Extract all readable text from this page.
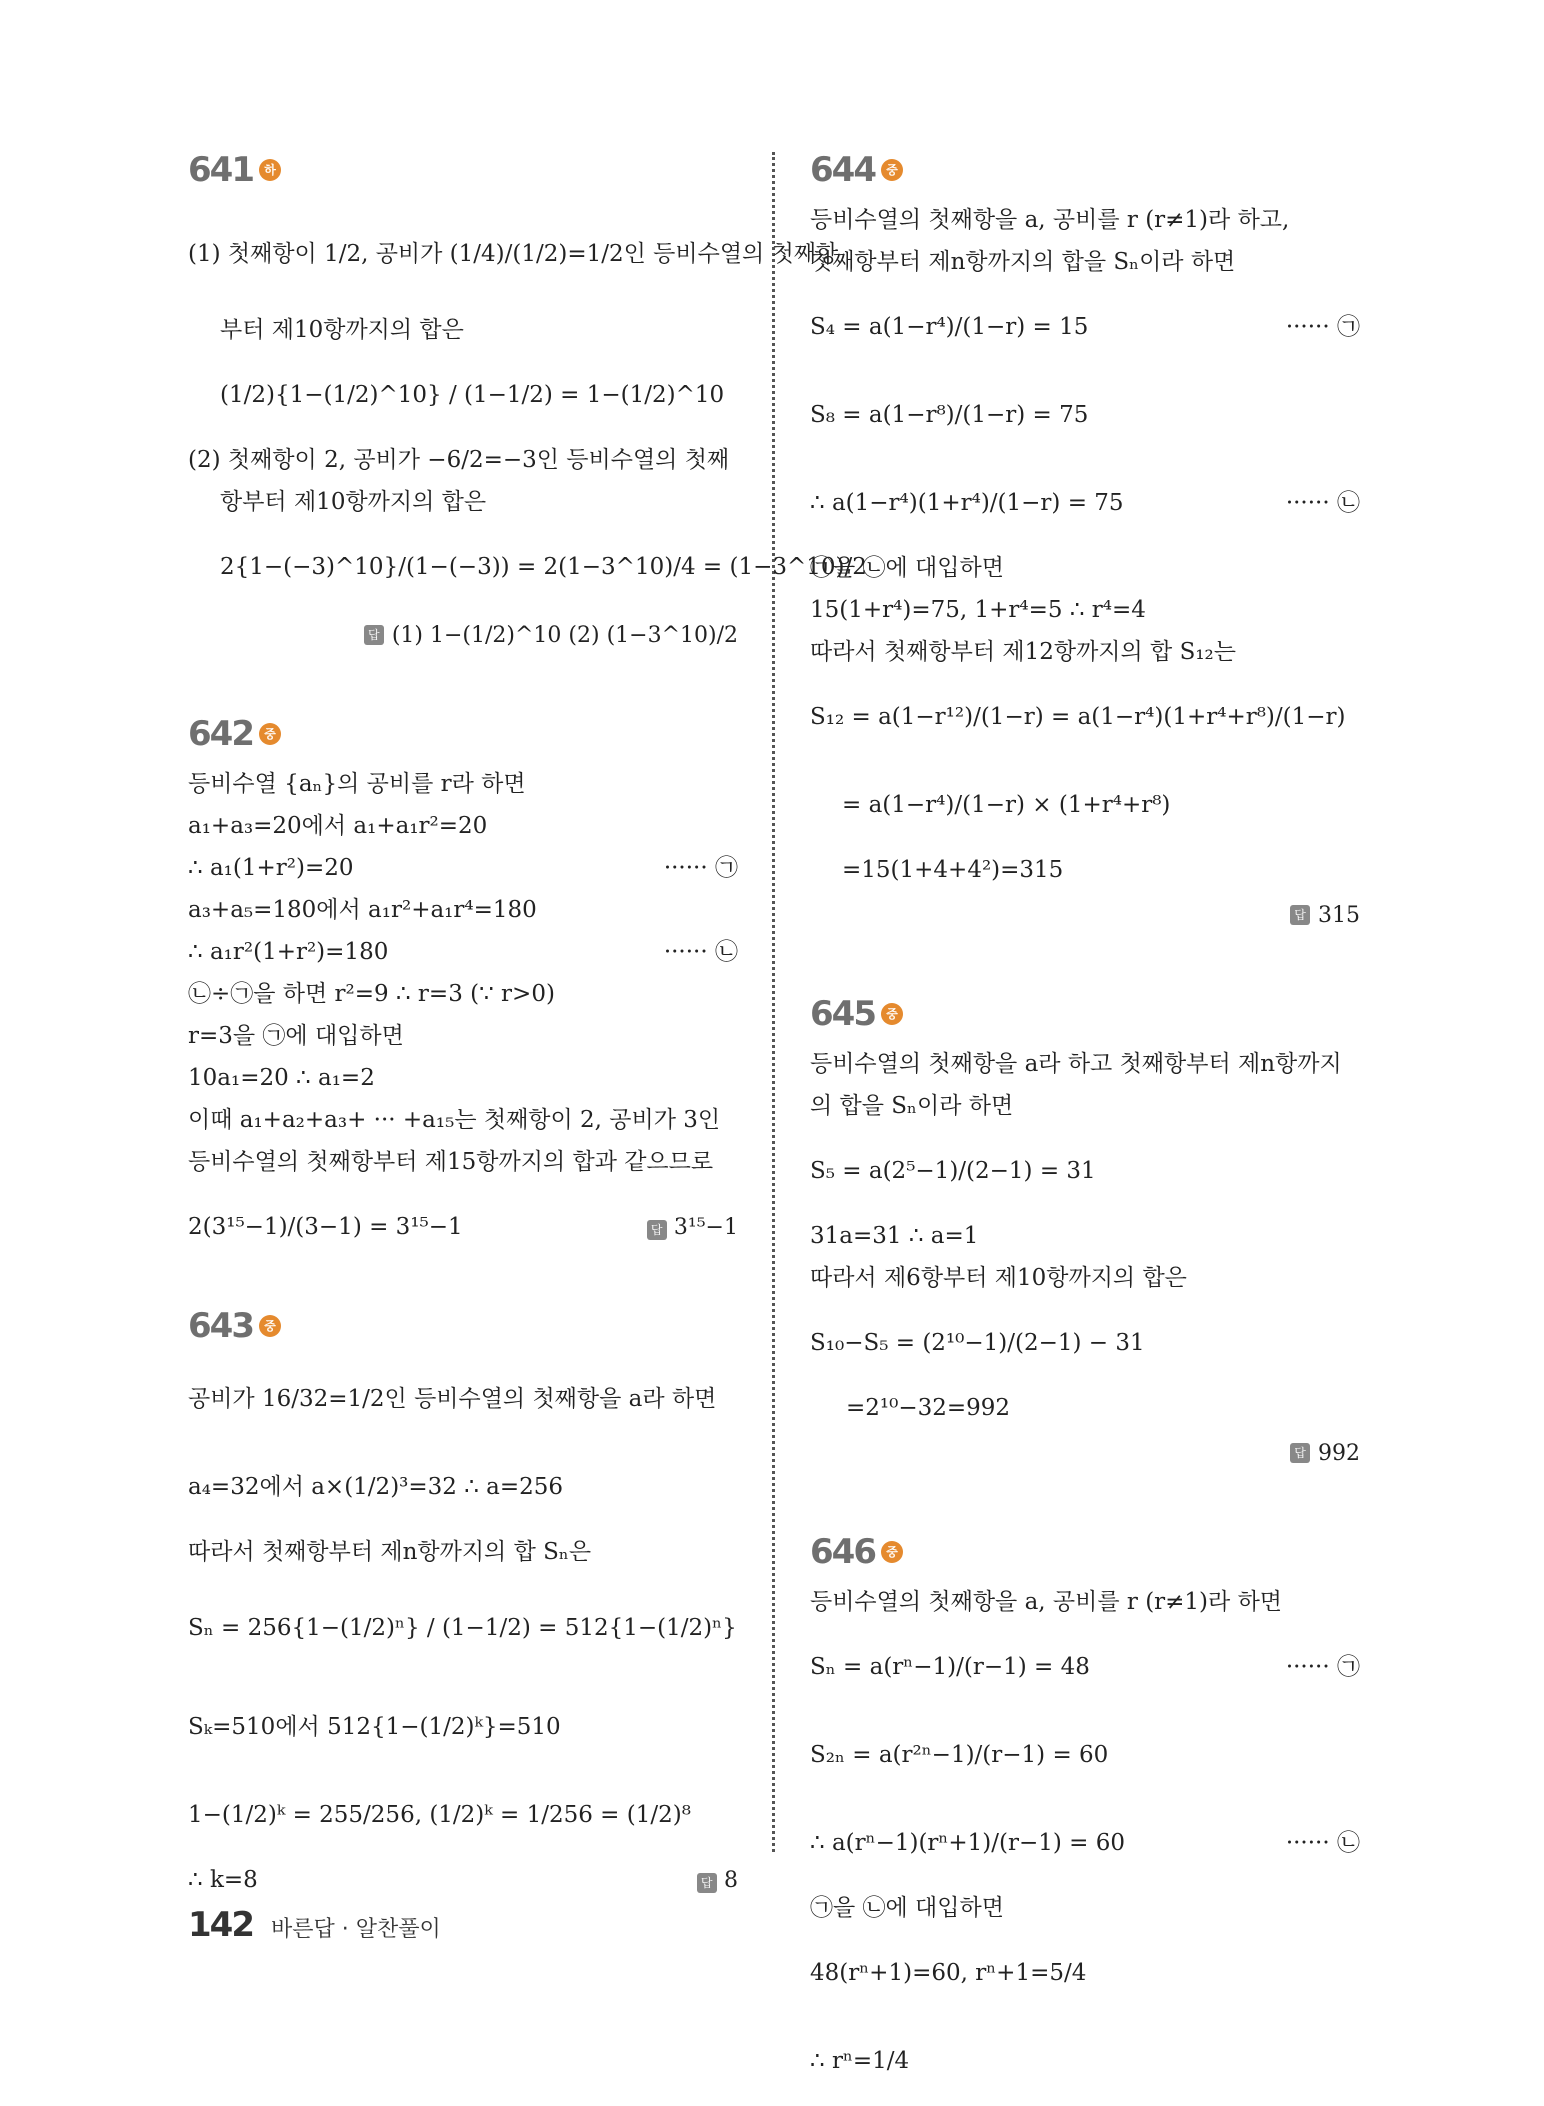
641 하
(1) 첫째항이 1/2, 공비가 (1/4)/(1/2)=1/2인 등비수열의 첫째항
부터 제10항까지의 합은
(1/2){1−(1/2)^10} / (1−1/2) = 1−(1/2)^10
(2) 첫째항이 2, 공비가 −6/2=−3인 등비수열의 첫째
항부터 제10항까지의 합은
2{1−(−3)^10}/(1−(−3)) = 2(1−3^10)/4 = (1−3^10)/2
답 (1) 1−(1/2)^10 (2) (1−3^10)/2
642 중
등비수열 {aₙ}의 공비를 r라 하면
a₁+a₃=20에서 a₁+a₁r²=20
∴ a₁(1+r²)=20	······ ㉠
a₃+a₅=180에서 a₁r²+a₁r⁴=180
∴ a₁r²(1+r²)=180	······ ㉡
㉡÷㉠을 하면 r²=9 ∴ r=3 (∵ r>0)
r=3을 ㉠에 대입하면
10a₁=20 ∴ a₁=2
이때 a₁+a₂+a₃+ ··· +a₁₅는 첫째항이 2, 공비가 3인
등비수열의 첫째항부터 제15항까지의 합과 같으므로
2(3¹⁵−1)/(3−1) = 3¹⁵−1	답 3¹⁵−1
643 중
공비가 16/32=1/2인 등비수열의 첫째항을 a라 하면
a₄=32에서 a×(1/2)³=32 ∴ a=256
따라서 첫째항부터 제n항까지의 합 Sₙ은
Sₙ = 256{1−(1/2)ⁿ} / (1−1/2) = 512{1−(1/2)ⁿ}
Sₖ=510에서 512{1−(1/2)ᵏ}=510
1−(1/2)ᵏ = 255/256, (1/2)ᵏ = 1/256 = (1/2)⁸
∴ k=8	답 8
644 중
등비수열의 첫째항을 a, 공비를 r (r≠1)라 하고,
첫째항부터 제n항까지의 합을 Sₙ이라 하면
S₄ = a(1−r⁴)/(1−r) = 15	······ ㉠
S₈ = a(1−r⁸)/(1−r) = 75
∴ a(1−r⁴)(1+r⁴)/(1−r) = 75	······ ㉡
㉠을 ㉡에 대입하면
15(1+r⁴)=75, 1+r⁴=5 ∴ r⁴=4
따라서 첫째항부터 제12항까지의 합 S₁₂는
S₁₂ = a(1−r¹²)/(1−r) = a(1−r⁴)(1+r⁴+r⁸)/(1−r)
= a(1−r⁴)/(1−r) × (1+r⁴+r⁸)
=15(1+4+4²)=315
답 315
645 중
등비수열의 첫째항을 a라 하고 첫째항부터 제n항까지
의 합을 Sₙ이라 하면
S₅ = a(2⁵−1)/(2−1) = 31
31a=31 ∴ a=1
따라서 제6항부터 제10항까지의 합은
S₁₀−S₅ = (2¹⁰−1)/(2−1) − 31
=2¹⁰−32=992
답 992
646 중
등비수열의 첫째항을 a, 공비를 r (r≠1)라 하면
Sₙ = a(rⁿ−1)/(r−1) = 48	······ ㉠
S₂ₙ = a(r²ⁿ−1)/(r−1) = 60
∴ a(rⁿ−1)(rⁿ+1)/(r−1) = 60	······ ㉡
㉠을 ㉡에 대입하면
48(rⁿ+1)=60, rⁿ+1=5/4
∴ rⁿ=1/4
142 바른답 · 알찬풀이
